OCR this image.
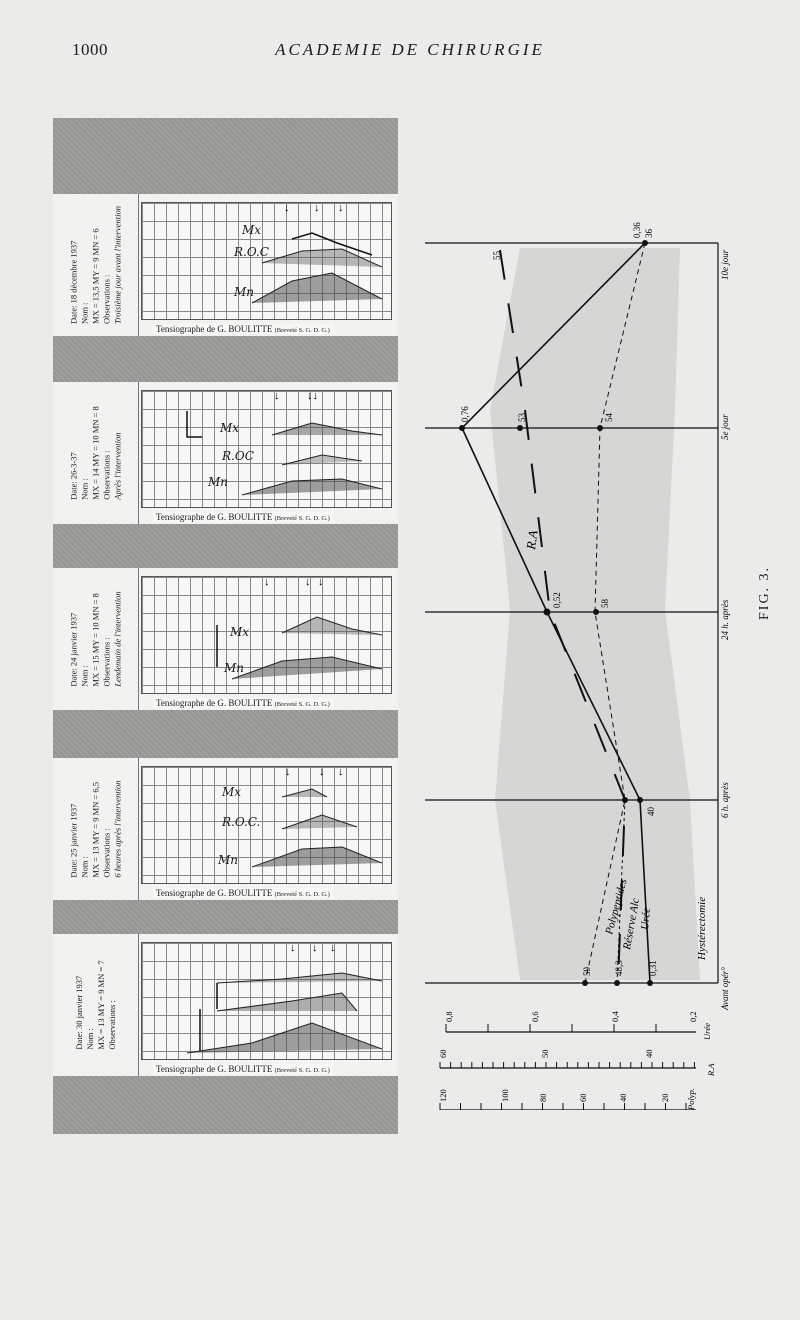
1000	ACADEMIE DE CHIRURGIE
Date: 18 décembre 1937 Nom : MX = 13,5 MY = 9 MN = 6 Observations : Troisième jour avant l'intervention	↓ ↓ ↓
Mx
R.O.C
Mn
Tensiographe de G. BOULITTE (Breveté S. G. D. G.)
Date: 26-3-37 Nom : MX = 14 MY = 10 MN = 8 Observations : Après l'intervention
↓	↓↓
Mx
R.OC
Mn
Tensiographe de G. BOULITTE (Breveté S. G. D. G.)
Date: 24 janvier 1937 Nom : MX = 15 MY = 10 MN = 8 Observations : Lendemain de l'intervention
↓	↓ ↓
Mx
Mn
Tensiographe de G. BOULITTE (Breveté S. G. D. G.)
Date: 25 janvier 1937 Nom : MX = 13 MY = 9 MN = 6,5 Observations : 6 heures après l'intervention
↓	↓ ↓
Mx
R.O.C.
Mn
Tensiographe de G. BOULITTE (Breveté S. G. D. G.)
Date: 30 janvier 1937 Nom : MX = 13 MY = 9 MN = 7 Observations :
↓ ↓ ↓
Tensiographe de G. BOULITTE (Breveté S. G. D. G.)
59 48,3	0,31
40
0,52	58
0,76	53	54
55
0,36 36
Avant opér°
6 h. après
24 h. après
5e jour
10e jour
Hystérectomie
Polypeptides
Réserve Alc
Urée
R.A
0,8	0,6	0,4	0,2
Urée
60	50	40
R.A
120	100	80	60	40	20 Polyp.
FIG. 3.
